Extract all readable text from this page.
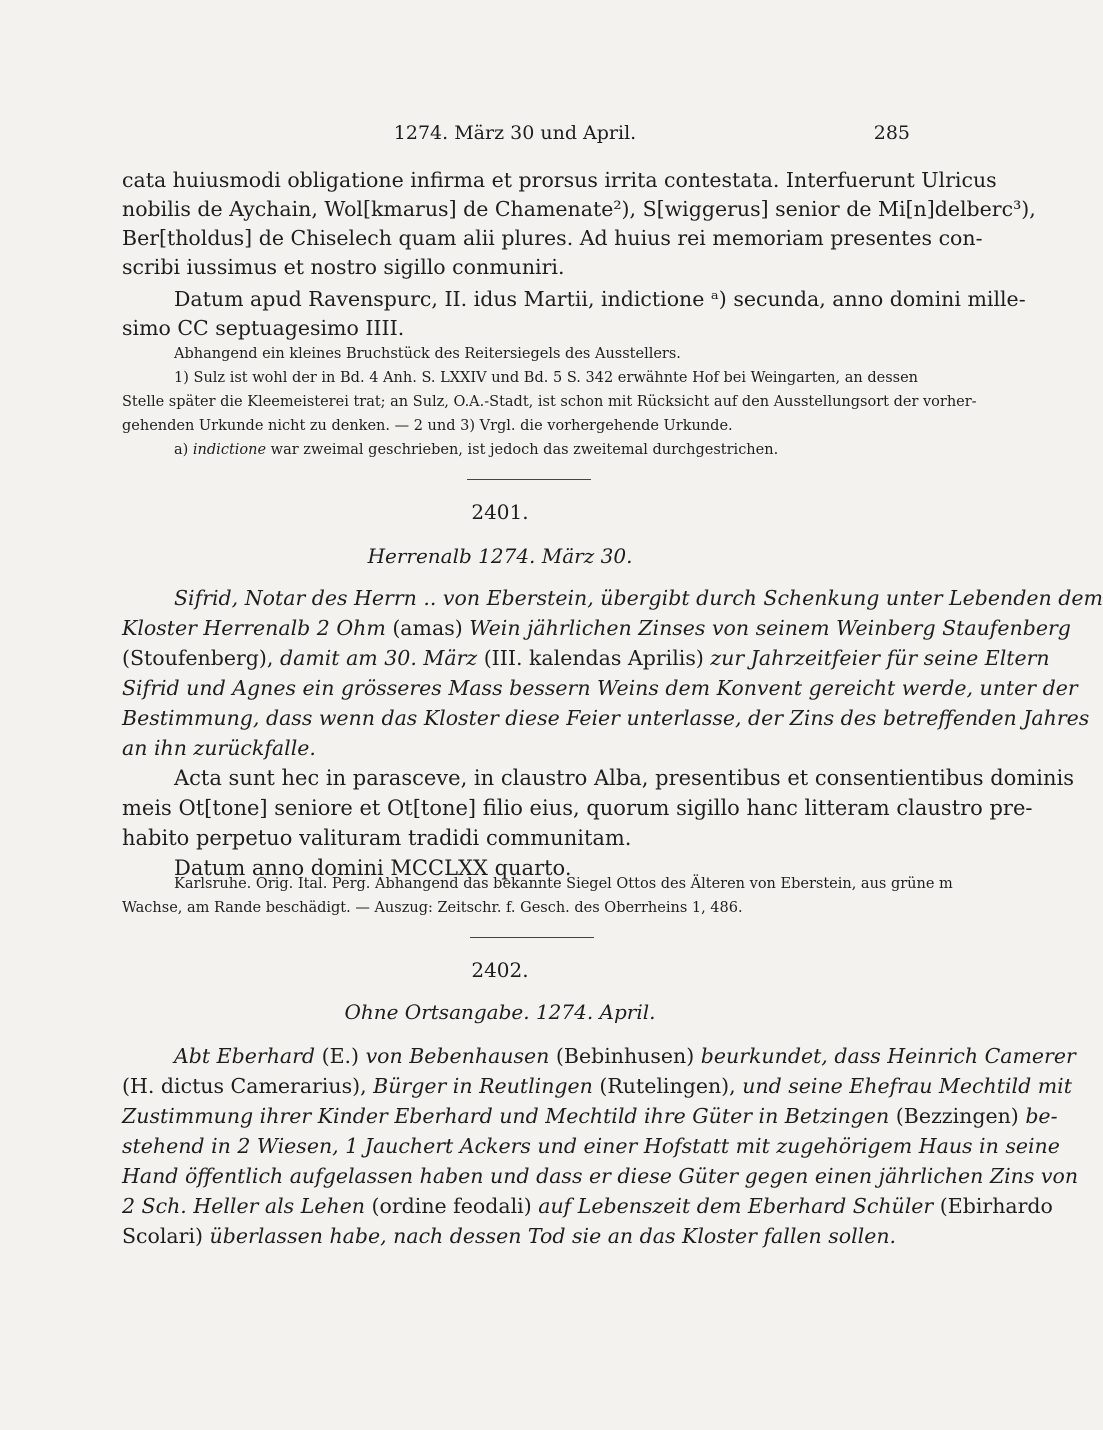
1274. März 30 und April.	285
cata huiusmodi obligatione infirma et prorsus irrita contestata. Interfuerunt Ulricus
nobilis de Aychain, Wol[kmarus] de Chamenate²), S[wiggerus] senior de Mi[n]delberc³),
Ber[tholdus] de Chiselech quam alii plures. Ad huius rei memoriam presentes con-
scribi iussimus et nostro sigillo conmuniri.
Datum apud Ravenspurc, II. idus Martii, indictione ᵃ) secunda, anno domini mille-
simo CC septuagesimo IIII.
Abhangend ein kleines Bruchstück des Reitersiegels des Ausstellers.
1) Sulz ist wohl der in Bd. 4 Anh. S. LXXIV und Bd. 5 S. 342 erwähnte Hof bei Weingarten, an dessen
Stelle später die Kleemeisterei trat; an Sulz, O.A.-Stadt, ist schon mit Rücksicht auf den Ausstellungsort der vorher-
gehenden Urkunde nicht zu denken. — 2 und 3) Vrgl. die vorhergehende Urkunde.
a) indictione war zweimal geschrieben, ist jedoch das zweitemal durchgestrichen.
2401.
Herrenalb 1274. März 30.
Sifrid, Notar des Herrn .. von Eberstein, übergibt durch Schenkung unter Lebenden dem
Kloster Herrenalb 2 Ohm (amas) Wein jährlichen Zinses von seinem Weinberg Staufenberg
(Stoufenberg), damit am 30. März (III. kalendas Aprilis) zur Jahrzeitfeier für seine Eltern
Sifrid und Agnes ein grösseres Mass bessern Weins dem Konvent gereicht werde, unter der
Bestimmung, dass wenn das Kloster diese Feier unterlasse, der Zins des betreffenden Jahres
an ihn zurückfalle.
Acta sunt hec in parasceve, in claustro Alba, presentibus et consentientibus dominis
meis Ot[tone] seniore et Ot[tone] filio eius, quorum sigillo hanc litteram claustro pre-
habito perpetuo valituram tradidi communitam.
Datum anno domini MCCLXX quarto.
Karlsruhe. Orig. Ital. Perg. Abhangend das bekannte Siegel Ottos des Älteren von Eberstein, aus grüne m
Wachse, am Rande beschädigt. — Auszug: Zeitschr. f. Gesch. des Oberrheins 1, 486.
2402.
Ohne Ortsangabe. 1274. April.
Abt Eberhard (E.) von Bebenhausen (Bebinhusen) beurkundet, dass Heinrich Camerer
(H. dictus Camerarius), Bürger in Reutlingen (Rutelingen), und seine Ehefrau Mechtild mit
Zustimmung ihrer Kinder Eberhard und Mechtild ihre Güter in Betzingen (Bezzingen) be-
stehend in 2 Wiesen, 1 Jauchert Ackers und einer Hofstatt mit zugehörigem Haus in seine
Hand öffentlich aufgelassen haben und dass er diese Güter gegen einen jährlichen Zins von
2 Sch. Heller als Lehen (ordine feodali) auf Lebenszeit dem Eberhard Schüler (Ebirhardo
Scolari) überlassen habe, nach dessen Tod sie an das Kloster fallen sollen.
